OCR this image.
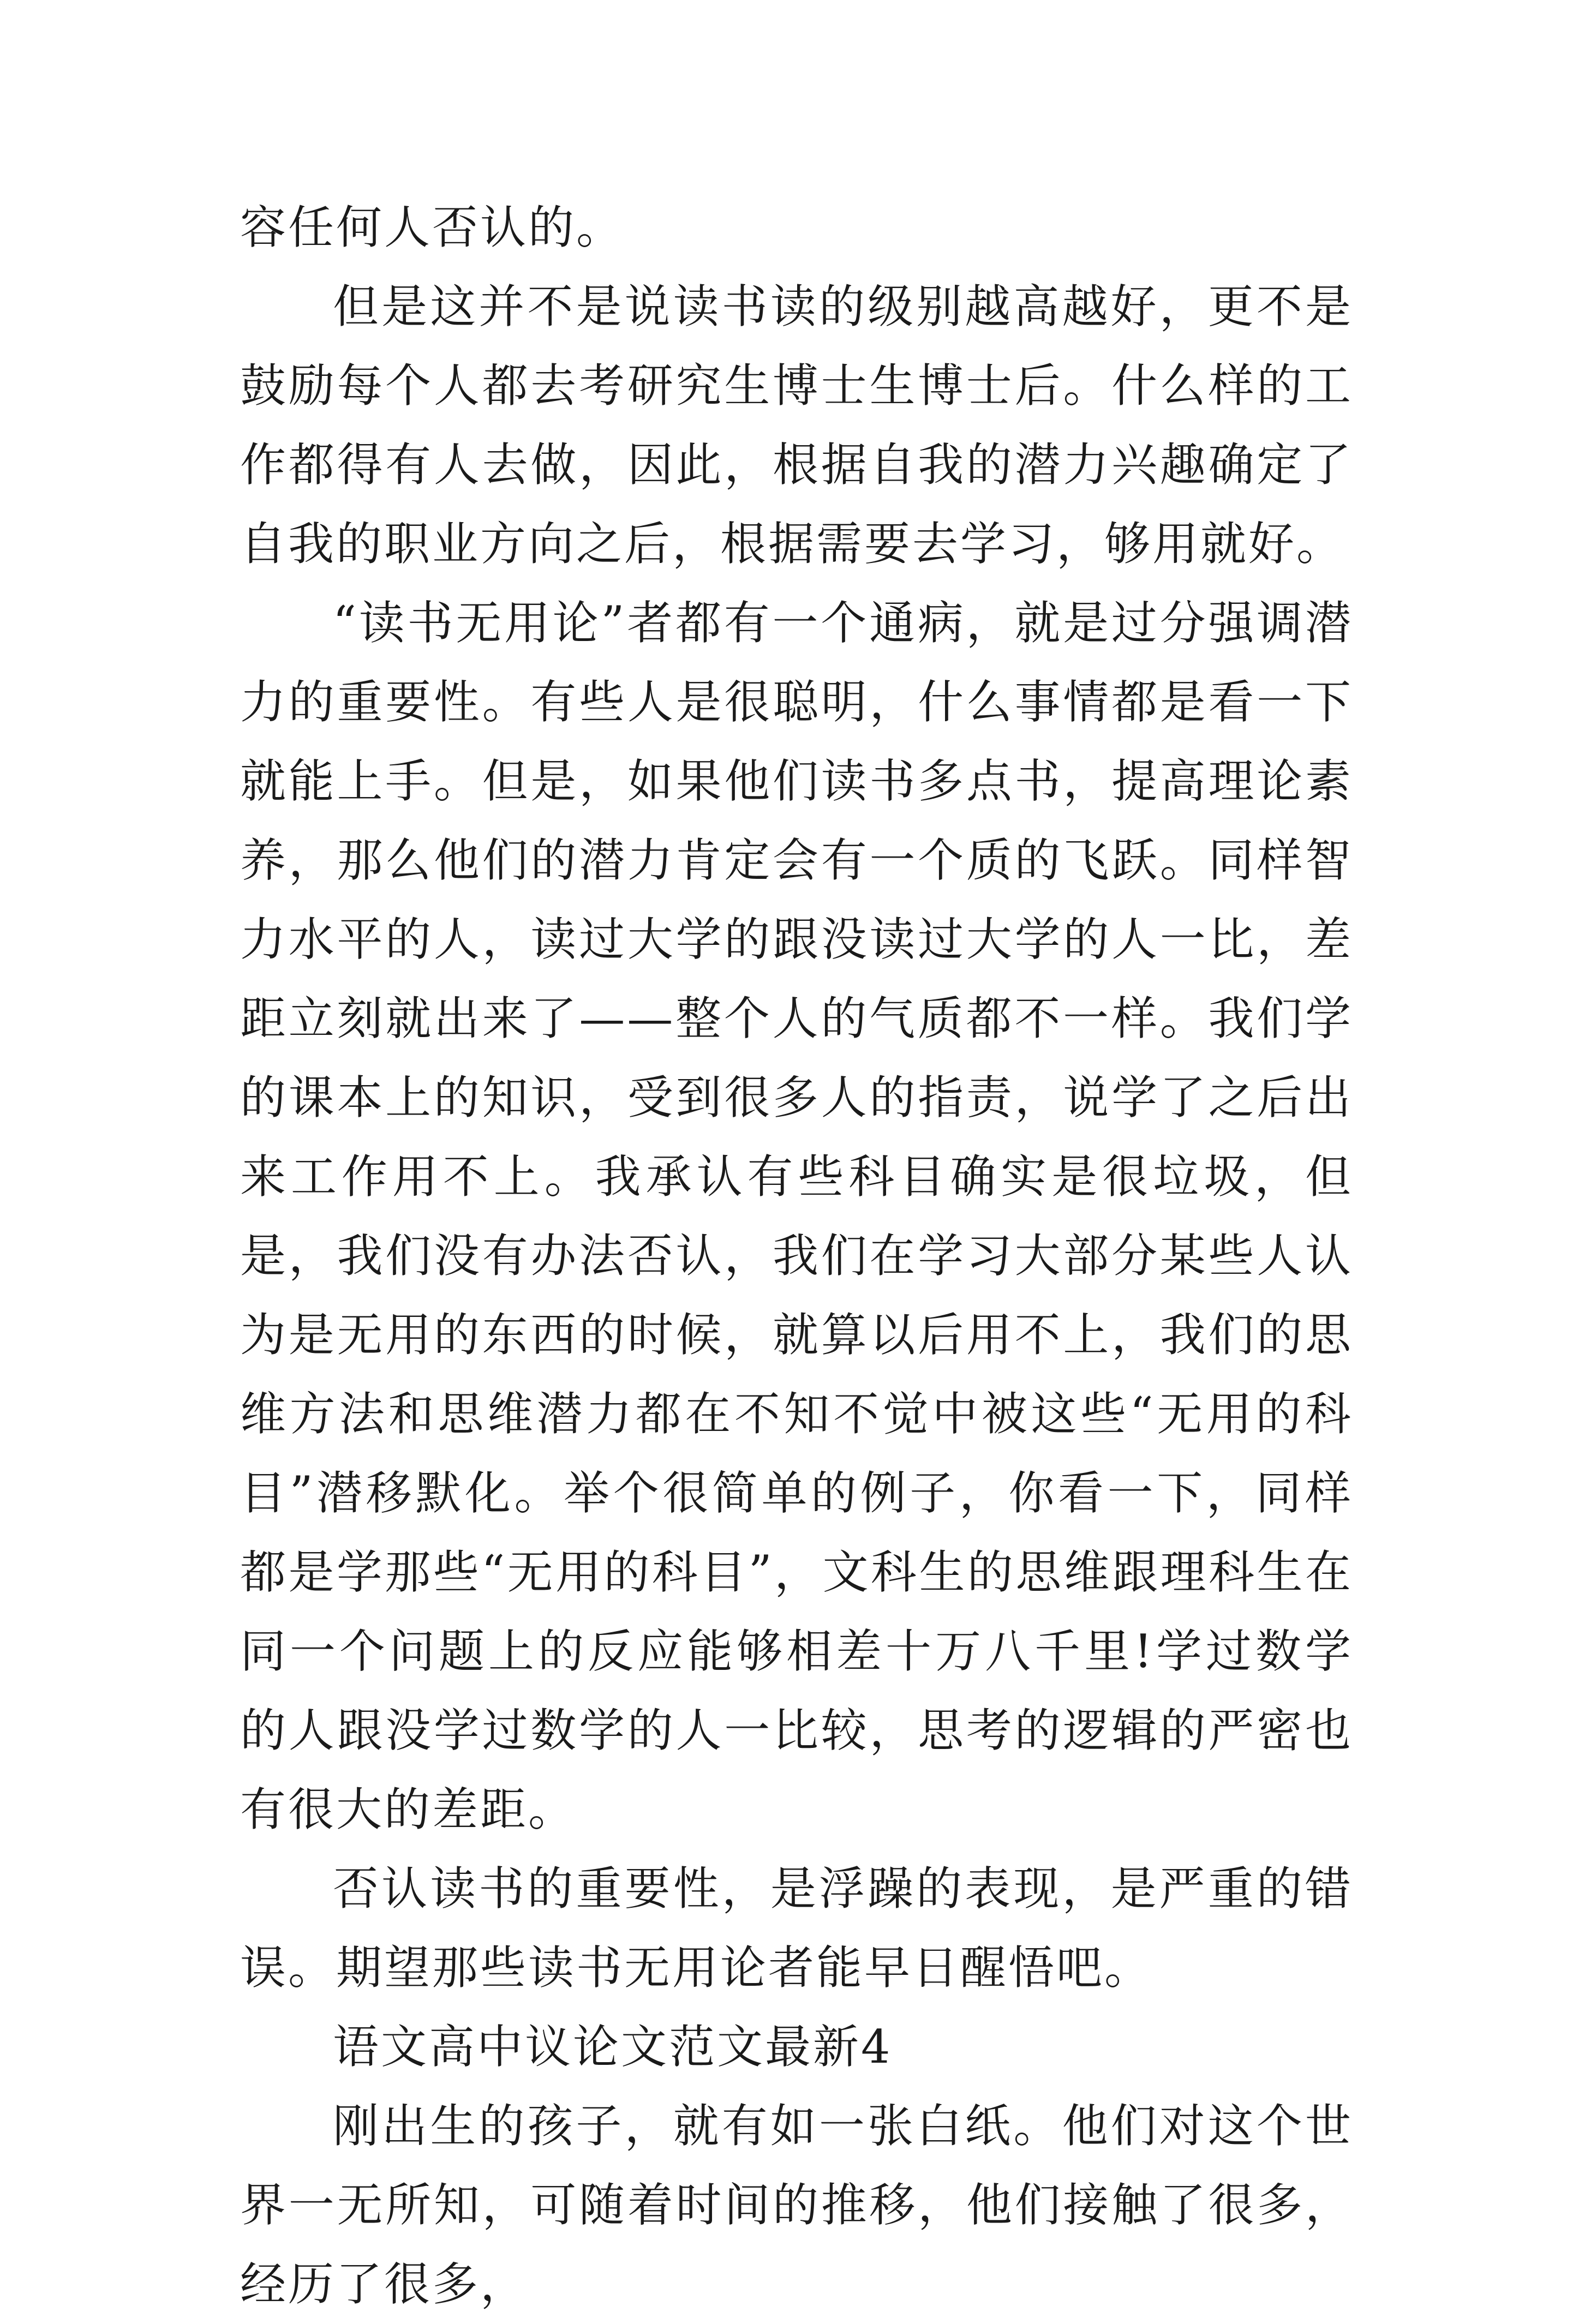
容任何人否认的。

但是这并不是说读书读的级别越高越好，更不是鼓励每个人都去考研究生博士生博士后。什么样的工作都得有人去做，因此，根据自我的潜力兴趣确定了自我的职业方向之后，根据需要去学习，够用就好。

“读书无用论”者都有一个通病，就是过分强调潜力的重要性。有些人是很聪明，什么事情都是看一下就能上手。但是，如果他们读书多点书，提高理论素养，那么他们的潜力肯定会有一个质的飞跃。同样智力水平的人，读过大学的跟没读过大学的人一比，差距立刻就出来了——整个人的气质都不一样。我们学的课本上的知识，受到很多人的指责，说学了之后出来工作用不上。我承认有些科目确实是很垃圾，但是，我们没有办法否认，我们在学习大部分某些人认为是无用的东西的时候，就算以后用不上，我们的思维方法和思维潜力都在不知不觉中被这些“无用的科目”潜移默化。举个很简单的例子，你看一下，同样都是学那些“无用的科目”，文科生的思维跟理科生在同一个问题上的反应能够相差十万八千里!学过数学的人跟没学过数学的人一比较，思考的逻辑的严密也有很大的差距。

否认读书的重要性，是浮躁的表现，是严重的错误。期望那些读书无用论者能早日醒悟吧。

语文高中议论文范文最新4

刚出生的孩子，就有如一张白纸。他们对这个世界一无所知，可随着时间的推移，他们接触了很多，经历了很多，
